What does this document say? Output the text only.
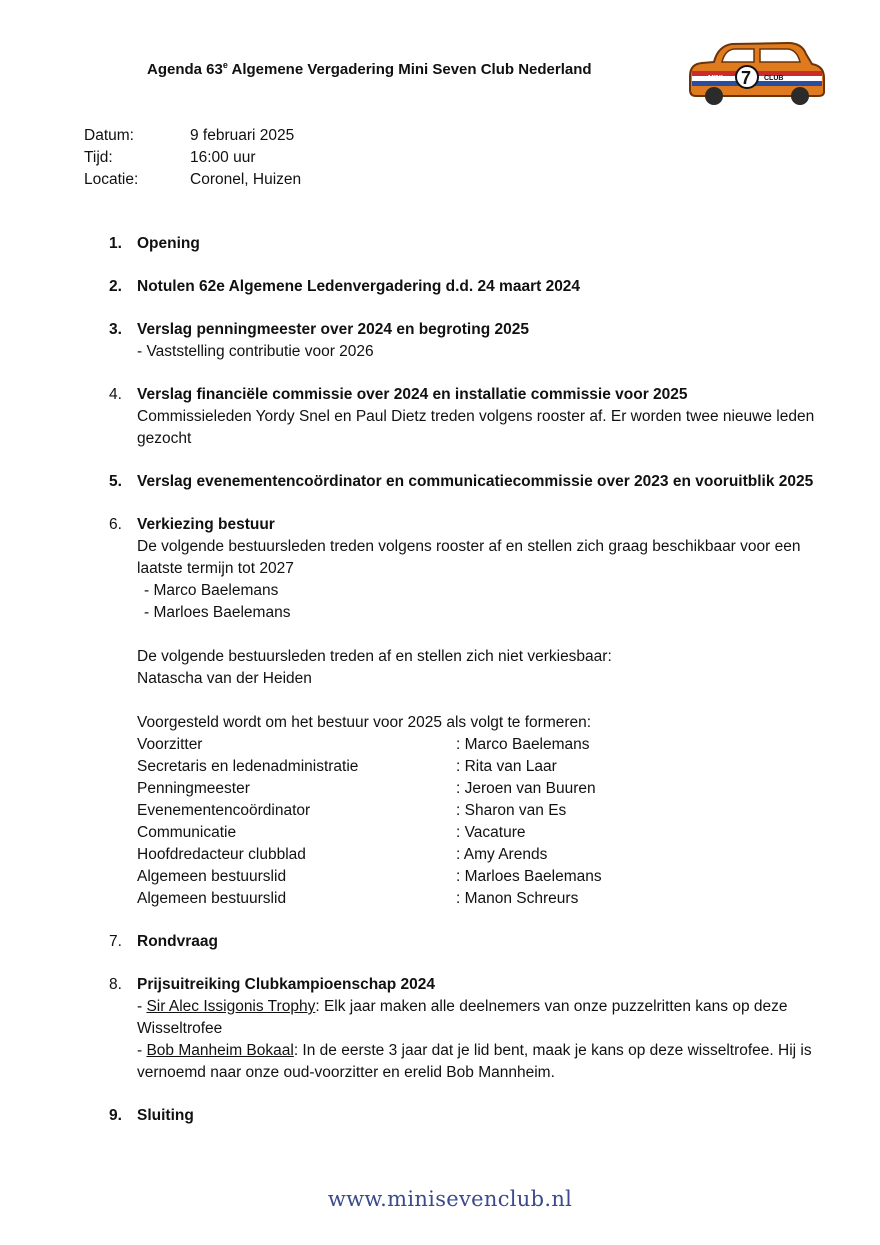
Agenda 63e Algemene Vergadering Mini Seven Club Nederland
MINI 7 CLUB
Datum:	9 februari 2025
Tijd:	16:00 uur
Locatie:	Coronel, Huizen
1. Opening
2. Notulen 62e Algemene Ledenvergadering d.d. 24 maart 2024
3. Verslag penningmeester over 2024 en begroting 2025
- Vaststelling contributie voor 2026
4. Verslag financiële commissie over 2024 en installatie commissie voor 2025
Commissieleden Yordy Snel en Paul Dietz treden volgens rooster af. Er worden twee nieuwe leden gezocht
5. Verslag evenementencoördinator en communicatiecommissie over 2023 en vooruitblik 2025
6. Verkiezing bestuur
De volgende bestuursleden treden volgens rooster af en stellen zich graag beschikbaar voor een laatste termijn tot 2027
- Marco Baelemans
- Marloes Baelemans
De volgende bestuursleden treden af en stellen zich niet verkiesbaar:
Natascha van der Heiden
Voorgesteld wordt om het bestuur voor 2025 als volgt te formeren:
Voorzitter	: Marco Baelemans
Secretaris en ledenadministratie	: Rita van Laar
Penningmeester	: Jeroen van Buuren
Evenementencoördinator	: Sharon van Es
Communicatie	: Vacature
Hoofdredacteur clubblad	: Amy Arends
Algemeen bestuurslid	: Marloes Baelemans
Algemeen bestuurslid	: Manon Schreurs
7. Rondvraag
8. Prijsuitreiking Clubkampioenschap 2024
- Sir Alec Issigonis Trophy: Elk jaar maken alle deelnemers van onze puzzelritten kans op deze Wisseltrofee
- Bob Manheim Bokaal: In de eerste 3 jaar dat je lid bent, maak je kans op deze wisseltrofee. Hij is vernoemd naar onze oud-voorzitter en erelid Bob Mannheim.
9. Sluiting
www.minisevenclub.nl
